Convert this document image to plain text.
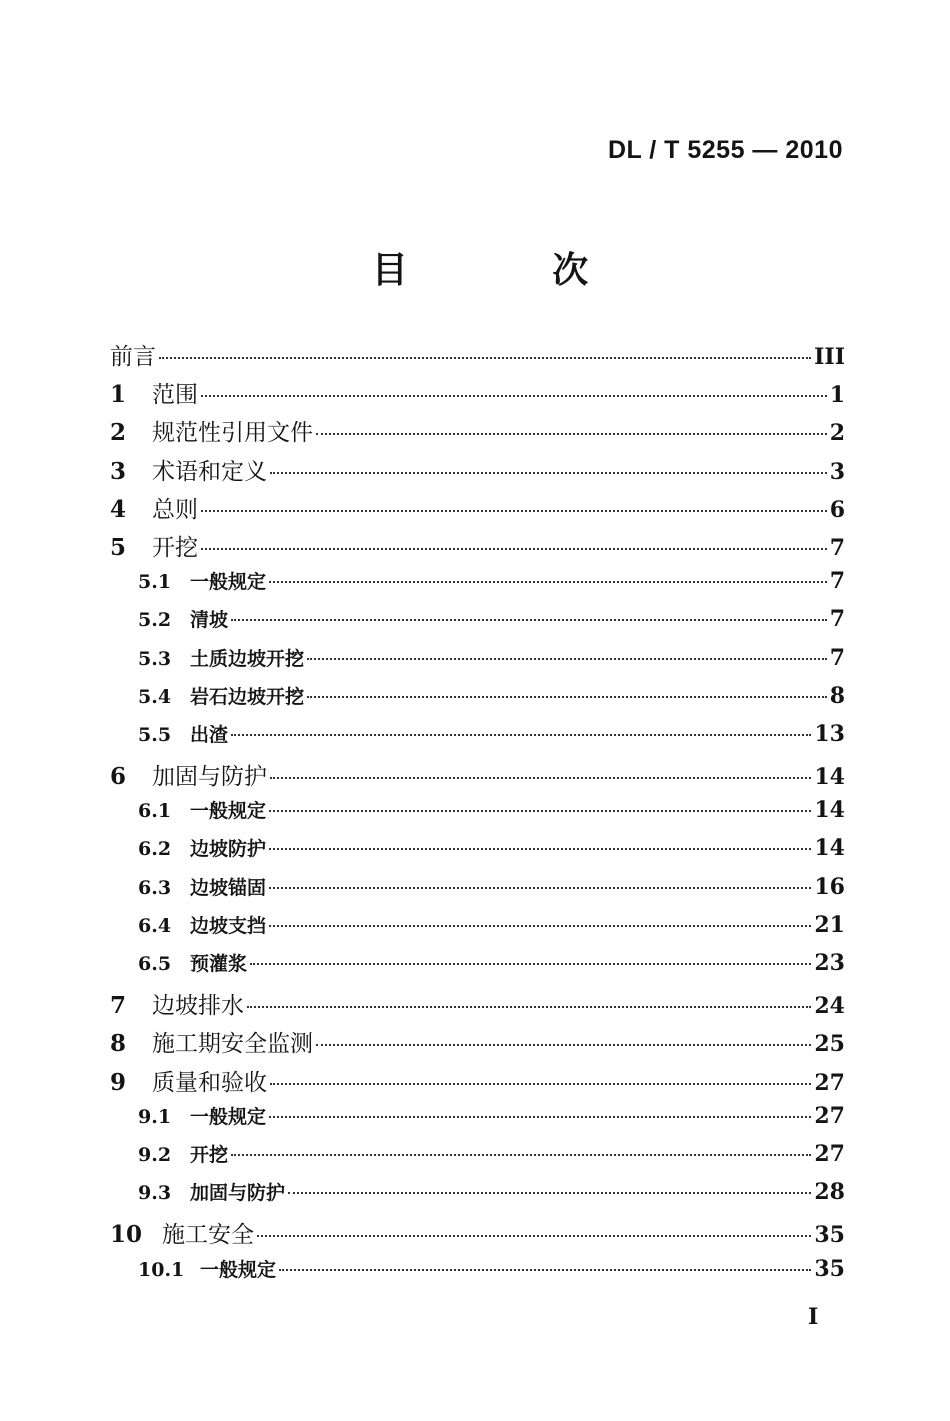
DL / T 5255 — 2010
目 次
前言	III
1	范围	1
2	规范性引用文件	2
3	术语和定义	3
4	总则	6
5	开挖	7
5.1 一般规定	7
5.2 清坡	7
5.3 土质边坡开挖	7
5.4 岩石边坡开挖	8
5.5 出渣	13
6	加固与防护	14
6.1 一般规定	14
6.2 边坡防护	14
6.3 边坡锚固	16
6.4 边坡支挡	21
6.5 预灌浆	23
7	边坡排水	24
8	施工期安全监测	25
9	质量和验收	27
9.1 一般规定	27
9.2 开挖	27
9.3 加固与防护	28
10 施工安全	35
10.1 一般规定	35
I
